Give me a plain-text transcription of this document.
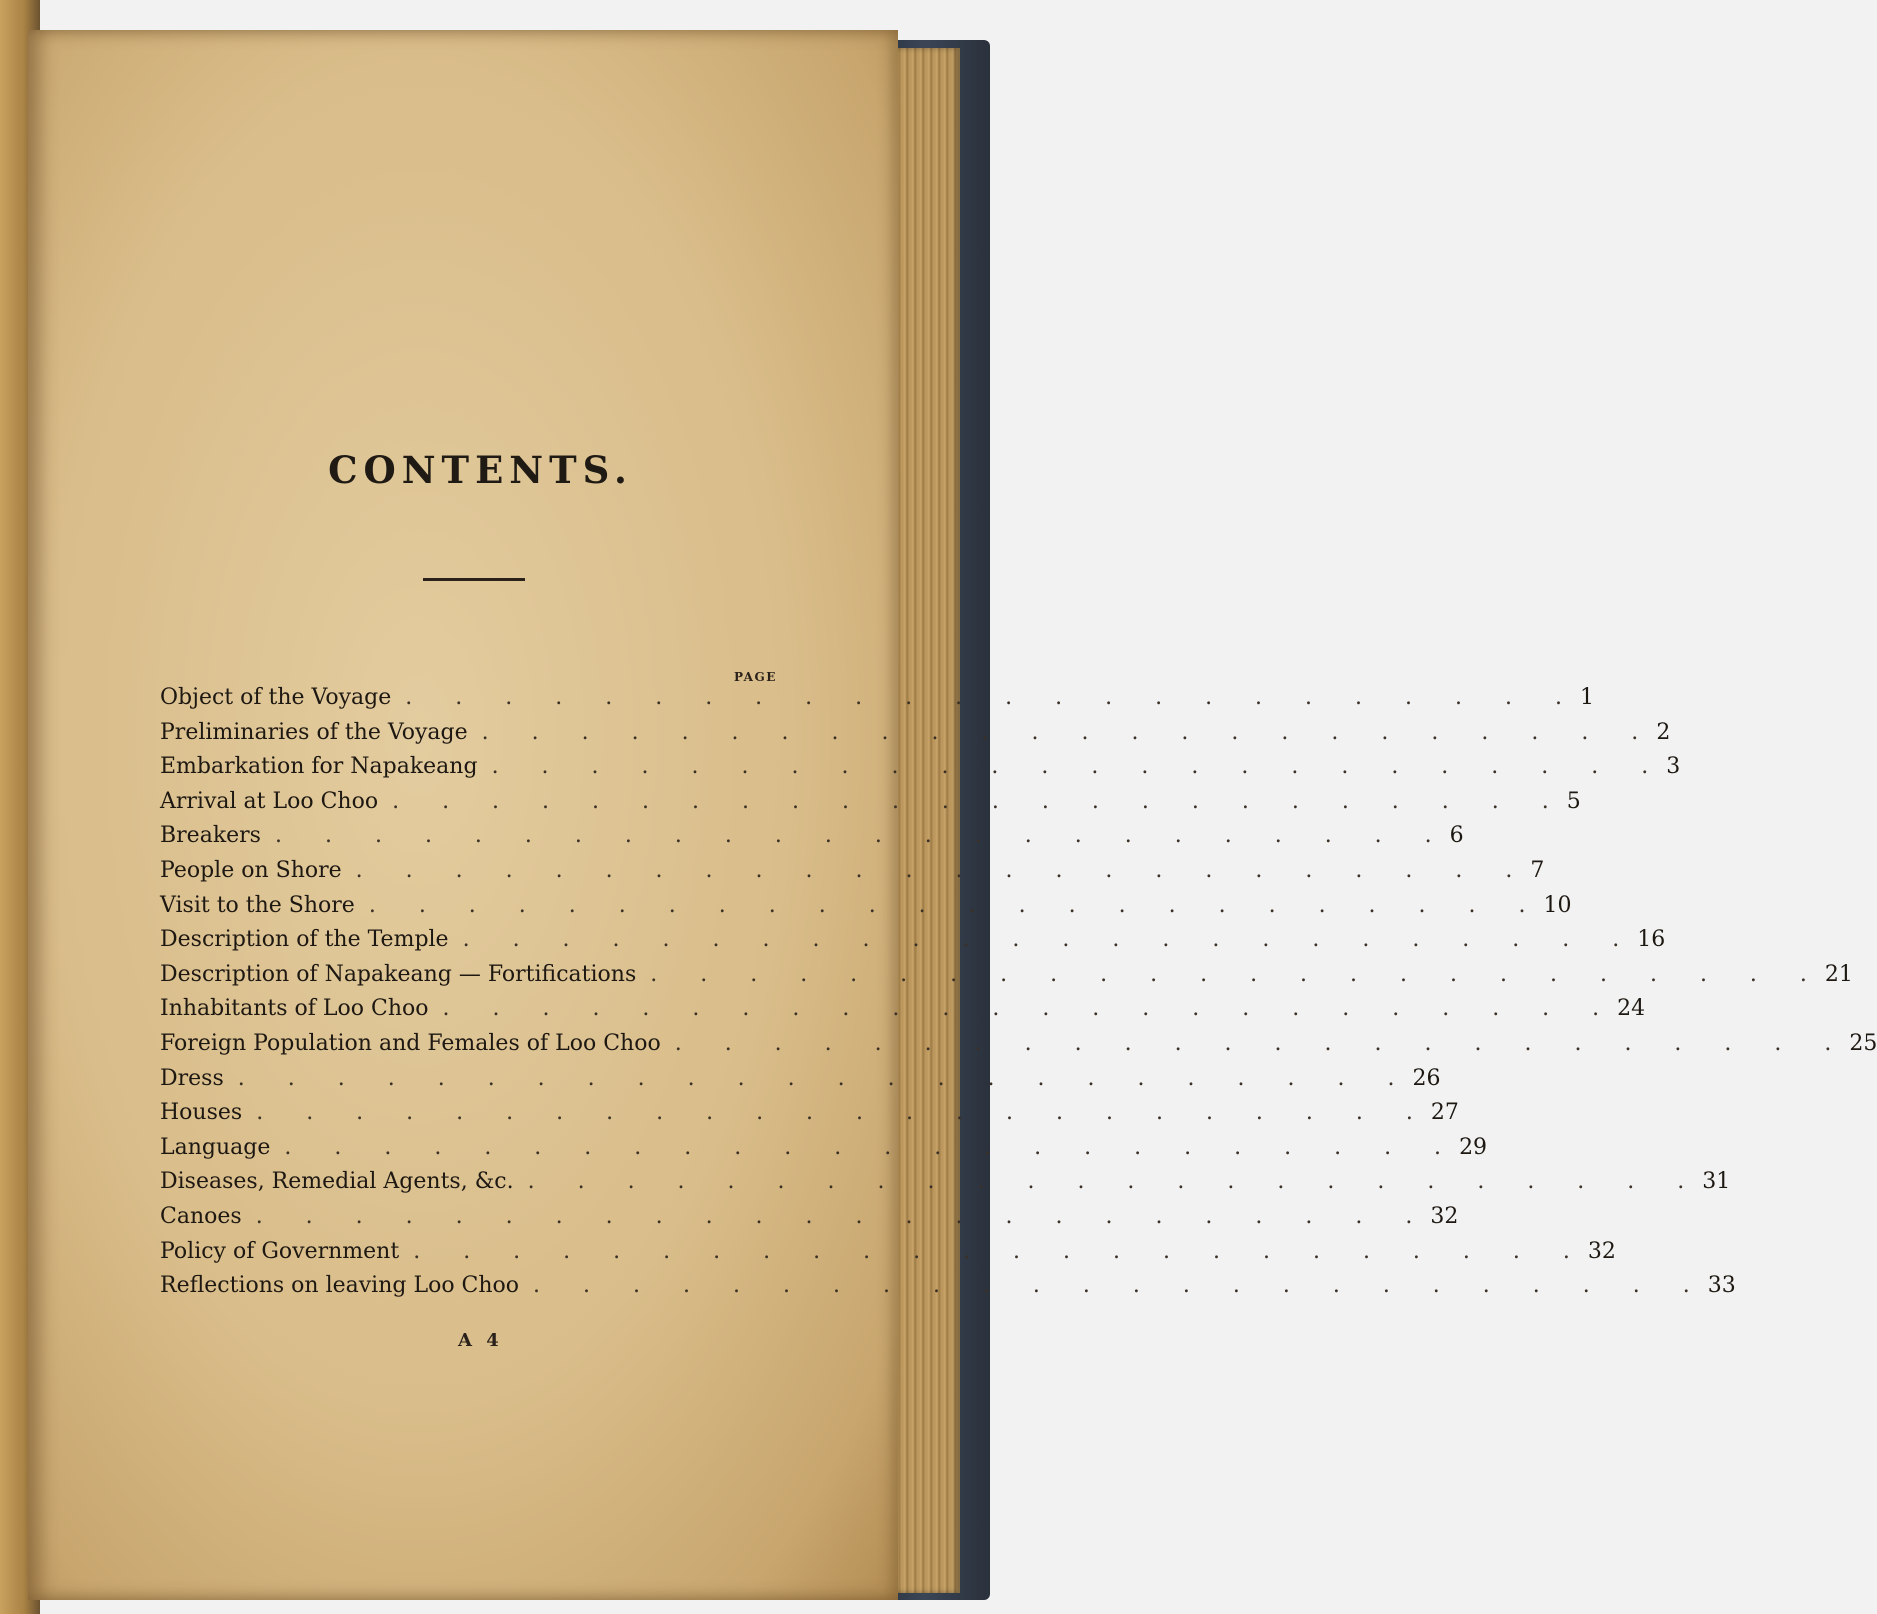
CONTENTS.
PAGE
Object of the Voyage . . . . . . . . . . . . . . . . . . . . . . . . 1
Preliminaries of the Voyage . . . . . . . . . . . . . . . . . . . . . . . . 2
Embarkation for Napakeang . . . . . . . . . . . . . . . . . . . . . . . . 3
Arrival at Loo Choo . . . . . . . . . . . . . . . . . . . . . . . . 5
Breakers . . . . . . . . . . . . . . . . . . . . . . . . 6
People on Shore . . . . . . . . . . . . . . . . . . . . . . . . 7
Visit to the Shore . . . . . . . . . . . . . . . . . . . . . . . . 10
Description of the Temple . . . . . . . . . . . . . . . . . . . . . . . . 16
Description of Napakeang — Fortifications . . . . . . . . . . . . . . . . . . . . . . . . 21
Inhabitants of Loo Choo . . . . . . . . . . . . . . . . . . . . . . . . 24
Foreign Population and Females of Loo Choo . . . . . . . . . . . . . . . . . . . . . . . . 25
Dress . . . . . . . . . . . . . . . . . . . . . . . . 26
Houses . . . . . . . . . . . . . . . . . . . . . . . . 27
Language . . . . . . . . . . . . . . . . . . . . . . . . 29
Diseases, Remedial Agents, &c. . . . . . . . . . . . . . . . . . . . . . . . . 31
Canoes . . . . . . . . . . . . . . . . . . . . . . . . 32
Policy of Government . . . . . . . . . . . . . . . . . . . . . . . . 32
Reflections on leaving Loo Choo . . . . . . . . . . . . . . . . . . . . . . . . 33
A 4
